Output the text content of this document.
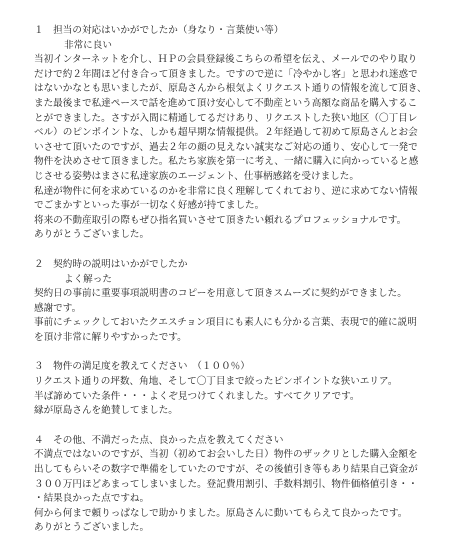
１　担当の対応はいかがでしたか（身なり・言葉使い等）

非常に良い

当初インターネットを介し、ＨＰの会員登録後こちらの希望を伝え、メールでのやり取り

だけで約２年間ほど付き合って頂きました。ですので逆に「冷やかし客」と思われ迷惑で

はないかなとも思いましたが、原島さんから根気よくリクエスト通りの情報を流して頂き、

また最後まで私達ペースで話を進めて頂け安心して不動産という高額な商品を購入するこ

とができました。さすが入間に精通してるだけあり、リクエストした狭い地区（〇丁目レ

ベル）のピンポイントな、しかも超早期な情報提供。２年経過して初めて原島さんとお会

いさせて頂いたのですが、過去２年の顔の見えない誠実なご対応の通り、安心して一発で

物件を決めさせて頂きました。私たち家族を第一に考え、一緒に購入に向かっていると感

じさせる姿勢はまさに私達家族のエージェント、仕事柄感銘を受けました。

私達が物件に何を求めているのかを非常に良く理解してくれており、逆に求めてない情報

でごまかすといった事が一切なく好感が持てました。

将来の不動産取引の際もぜひ指名買いさせて頂きたい頼れるプロフェッショナルです。

ありがとうございました。

２　契約時の説明はいかがでしたか

よく解った

契約日の事前に重要事項説明書のコピーを用意して頂きスムーズに契約ができました。

感謝です。

事前にチェックしておいたクエスチョン項目にも素人にも分かる言葉、表現で的確に説明

を頂け非常に解りやすかったです。

３　物件の満足度を教えてください　（１００％）

リクエスト通りの坪数、角地、そして〇丁目まで絞ったピンポイントな狭いエリア。

半ば諦めていた条件・・・よくぞ見つけてくれました。すべてクリアです。

縁が原島さんを絶賛してました。

４　その他、不満だった点、良かった点を教えてください

不満点ではないのですが、当初（初めてお会いした日）物件のザックリとした購入金額を

出してもらいその数字で準備をしていたのですが、その後値引き等もあり結果自己資金が

３００万円ほどあまってしまいました。登記費用割引、手数料割引、物件価格値引き・・

・結果良かった点ですね。

何から何まで頼りっぱなしで助かりました。原島さんに動いてもらえて良かったです。

ありがとうございました。
